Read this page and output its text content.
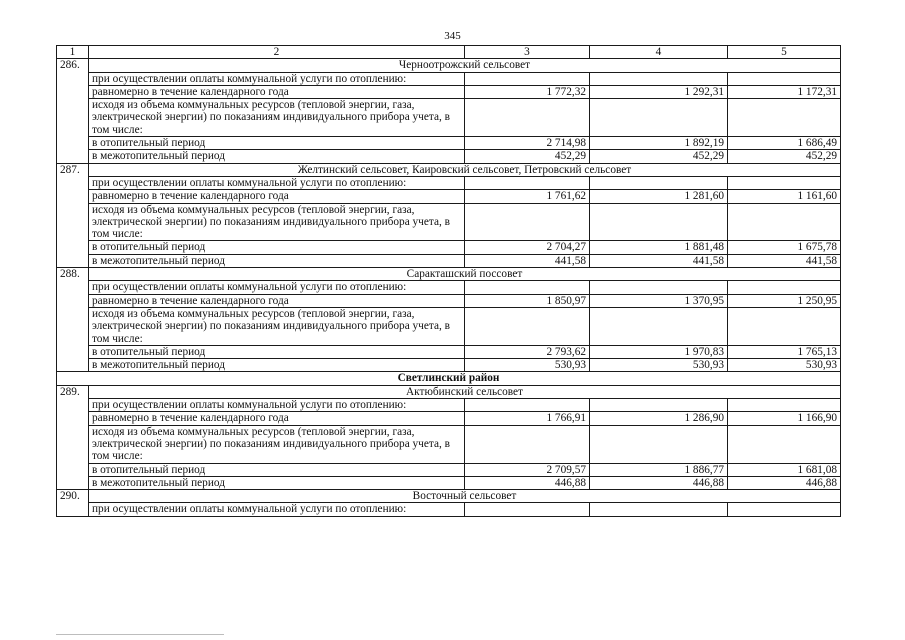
345
1	2	3	4	5
286.	Черноотрожский сельсовет			
	при осуществлении оплаты коммунальной услуги по отоплению:			
	равномерно в течение календарного года	1 772,32	1 292,31	1 172,31
	исходя из объема коммунальных ресурсов (тепловой энергии, газа, электрической энергии) по показаниям индивидуального прибора учета, в том числе:			
	в отопительный период	2 714,98	1 892,19	1 686,49
	в межотопительный период	452,29	452,29	452,29
287.	Желтинский сельсовет, Каировский сельсовет, Петровский сельсовет			
	при осуществлении оплаты коммунальной услуги по отоплению:			
	равномерно в течение календарного года	1 761,62	1 281,60	1 161,60
	исходя из объема коммунальных ресурсов (тепловой энергии, газа, электрической энергии) по показаниям индивидуального прибора учета, в том числе:			
	в отопительный период	2 704,27	1 881,48	1 675,78
	в межотопительный период	441,58	441,58	441,58
288.	Саракташский поссовет			
	при осуществлении оплаты коммунальной услуги по отоплению:			
	равномерно в течение календарного года	1 850,97	1 370,95	1 250,95
	исходя из объема коммунальных ресурсов (тепловой энергии, газа, электрической энергии) по показаниям индивидуального прибора учета, в том числе:			
	в отопительный период	2 793,62	1 970,83	1 765,13
	в межотопительный период	530,93	530,93	530,93
Светлинский район				
289.	Актюбинский сельсовет			
	при осуществлении оплаты коммунальной услуги по отоплению:			
	равномерно в течение календарного года	1 766,91	1 286,90	1 166,90
	исходя из объема коммунальных ресурсов (тепловой энергии, газа, электрической энергии) по показаниям индивидуального прибора учета, в том числе:			
	в отопительный период	2 709,57	1 886,77	1 681,08
	в межотопительный период	446,88	446,88	446,88
290.	Восточный сельсовет			
	при осуществлении оплаты коммунальной услуги по отоплению:			
